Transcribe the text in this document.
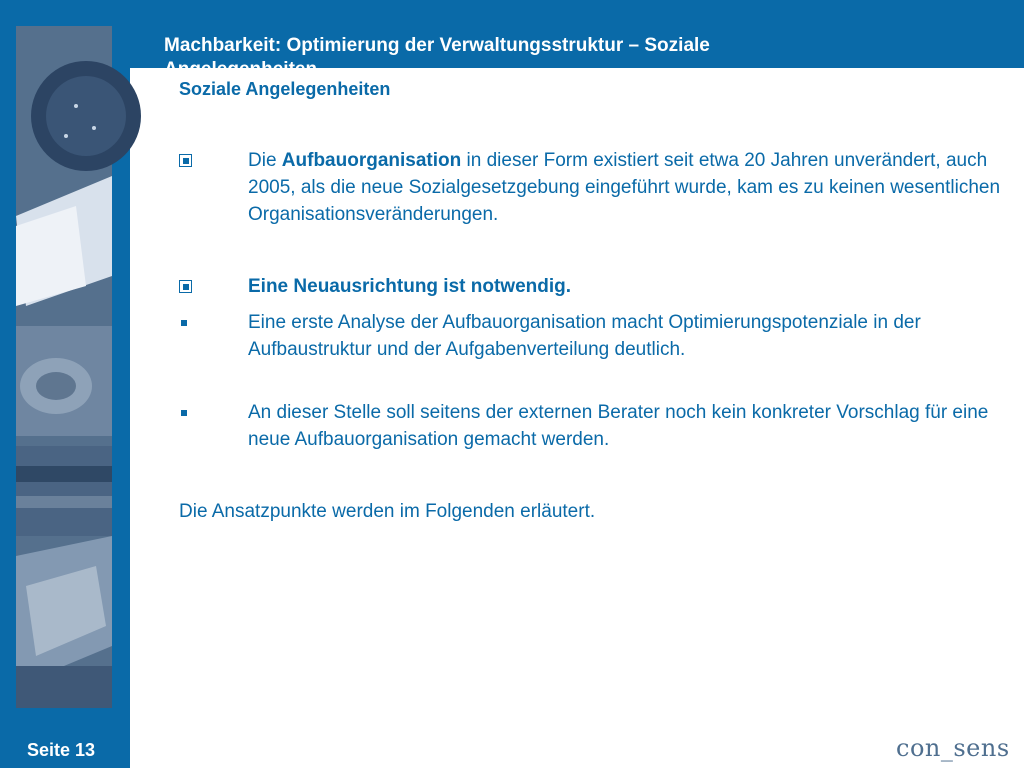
Machbarkeit: Optimierung der Verwaltungsstruktur – Soziale Angelegenheiten
Soziale Angelegenheiten
Die Aufbauorganisation in dieser Form existiert seit etwa 20 Jahren unverändert, auch 2005, als die neue Sozialgesetzgebung eingeführt wurde, kam es zu keinen wesentlichen Organisationsveränderungen.
Eine Neuausrichtung ist notwendig.
Eine erste Analyse der Aufbauorganisation macht Optimierungspotenziale in der Aufbaustruktur und der Aufgabenverteilung deutlich.
An dieser Stelle soll seitens der externen Berater noch kein konkreter Vorschlag für eine neue Aufbauorganisation gemacht werden.
Die Ansatzpunkte werden im Folgenden erläutert.
Seite 13	con_sens
